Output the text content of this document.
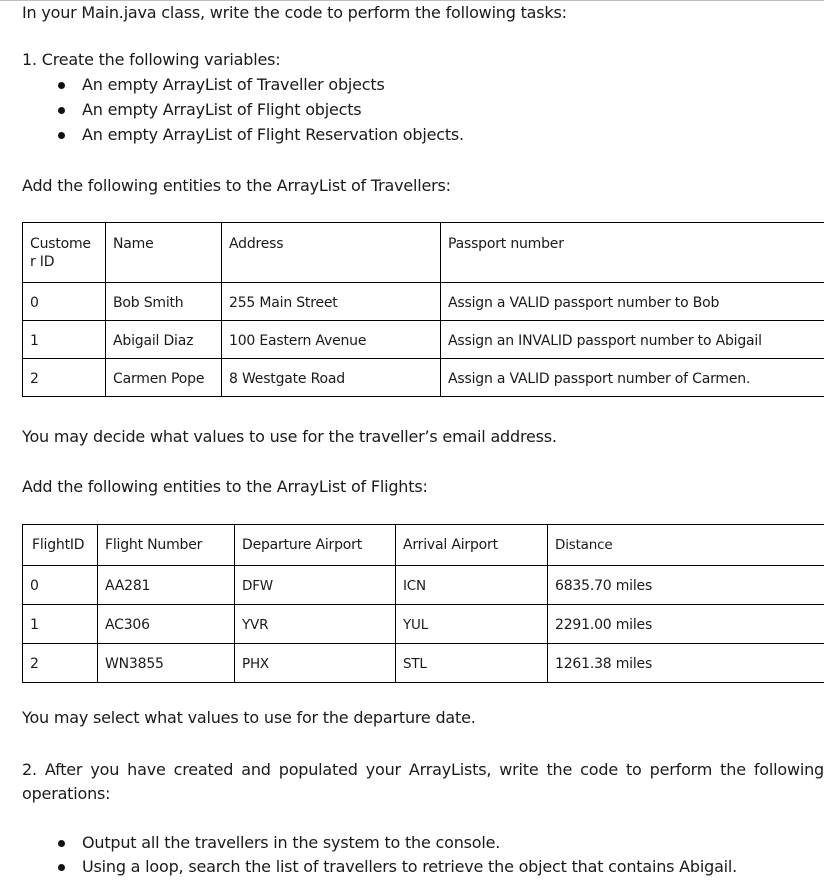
In your Main.java class, write the code to perform the following tasks:
1. Create the following variables:
An empty ArrayList of Traveller objects
An empty ArrayList of Flight objects
An empty ArrayList of Flight Reservation objects.
Add the following entities to the ArrayList of Travellers:
Custome
r ID	Name	Address	Passport number
0	Bob Smith	255 Main Street	Assign a VALID passport number to Bob
1	Abigail Diaz	100 Eastern Avenue	Assign an INVALID passport number to Abigail
2	Carmen Pope	8 Westgate Road	Assign a VALID passport number of Carmen.
You may decide what values to use for the traveller’s email address.
Add the following entities to the ArrayList of Flights:
FlightID	Flight Number	Departure Airport	Arrival Airport	Distance
0	AA281	DFW	ICN	6835.70 miles
1	AC306	YVR	YUL	2291.00 miles
2	WN3855	PHX	STL	1261.38 miles
You may select what values to use for the departure date.
2. After you have created and populated your ArrayLists, write the code to perform the following operations:
Output all the travellers in the system to the console.
Using a loop, search the list of travellers to retrieve the object that contains Abigail.
